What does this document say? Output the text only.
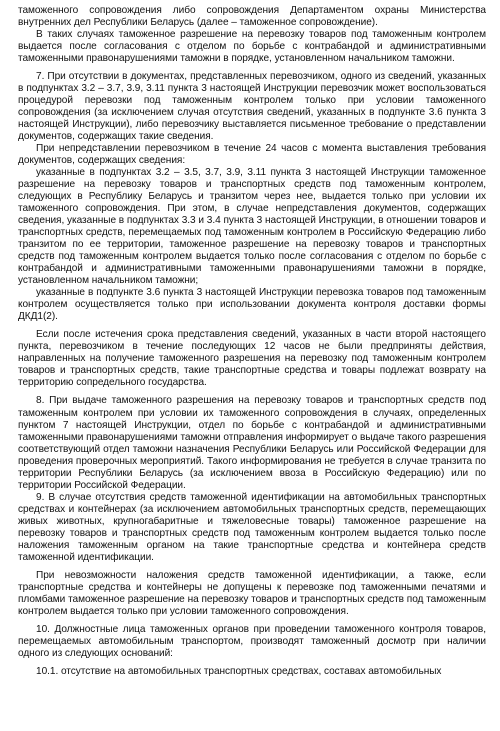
таможенного сопровождения либо сопровождения Департаментом охраны Министерства внутренних дел Республики Беларусь (далее – таможенное сопровождение).

В таких случаях таможенное разрешение на перевозку товаров под таможенным контролем выдается после согласования с отделом по борьбе с контрабандой и административными таможенными правонарушениями таможни в порядке, установленном начальником таможни.

7. При отсутствии в документах, представленных перевозчиком, одного из сведений, указанных в подпунктах 3.2 – 3.7, 3.9, 3.11 пункта 3 настоящей Инструкции перевозчик может воспользоваться процедурой перевозки под таможенным контролем только при условии таможенного сопровождения (за исключением случая отсутствия сведений, указанных в подпункте 3.6 пункта 3 настоящей Инструкции), либо перевозчику выставляется письменное требование о представлении документов, содержащих такие сведения.

При непредставлении перевозчиком в течение 24 часов с момента выставления требования документов, содержащих сведения:

указанные в подпунктах 3.2 – 3.5, 3.7, 3.9, 3.11 пункта 3 настоящей Инструкции таможенное разрешение на перевозку товаров и транспортных средств под таможенным контролем, следующих в Республику Беларусь и транзитом через нее, выдается только при условии их таможенного сопровождения. При этом, в случае непредставления документов, содержащих сведения, указанные в подпунктах 3.3 и 3.4 пункта 3 настоящей Инструкции, в отношении товаров и транспортных средств, перемещаемых под таможенным контролем в Российскую Федерацию либо транзитом по ее территории, таможенное разрешение на перевозку товаров и транспортных средств под таможенным контролем выдается только после согласования с отделом по борьбе с контрабандой и административными таможенными правонарушениями таможни в порядке, установленном начальником таможни;

указанные в подпункте 3.6 пункта 3 настоящей Инструкции перевозка товаров под таможенным контролем осуществляется только при использовании документа контроля доставки формы ДКД1(2).

Если после истечения срока представления сведений, указанных в части второй настоящего пункта, перевозчиком в течение последующих 12 часов не были предприняты действия, направленных на получение таможенного разрешения на перевозку под таможенным контролем товаров и транспортных средств, такие транспортные средства и товары подлежат возврату на территорию сопредельного государства.

8. При выдаче таможенного разрешения на перевозку товаров и транспортных средств под таможенным контролем при условии их таможенного сопровождения в случаях, определенных пунктом 7 настоящей Инструкции, отдел по борьбе с контрабандой и административными таможенными правонарушениями таможни отправления информирует о выдаче такого разрешения соответствующий отдел таможни назначения Республики Беларусь или Российской Федерации для проведения проверочных мероприятий. Такого информирования не требуется в случае транзита по территории Республики Беларусь (за исключением ввоза в Российскую Федерацию) или по территории Российской Федерации.

9. В случае отсутствия средств таможенной идентификации на автомобильных транспортных средствах и контейнерах (за исключением автомобильных транспортных средств, перемещающих живых животных, крупногабаритные и тяжеловесные товары) таможенное разрешение на перевозку товаров и транспортных средств под таможенным контролем выдается только после наложения таможенным органом на такие транспортные средства и контейнера средств таможенной идентификации.

При невозможности наложения средств таможенной идентификации, а также, если транспортные средства и контейнеры не допущены к перевозке под таможенными печатями и пломбами таможенное разрешение на перевозку товаров и транспортных средств под таможенным контролем выдается только при условии таможенного сопровождения.

10. Должностные лица таможенных органов при проведении таможенного контроля товаров, перемещаемых автомобильным транспортом, производят таможенный досмотр при наличии одного из следующих оснований:

10.1. отсутствие на автомобильных транспортных средствах, составах автомобильных
